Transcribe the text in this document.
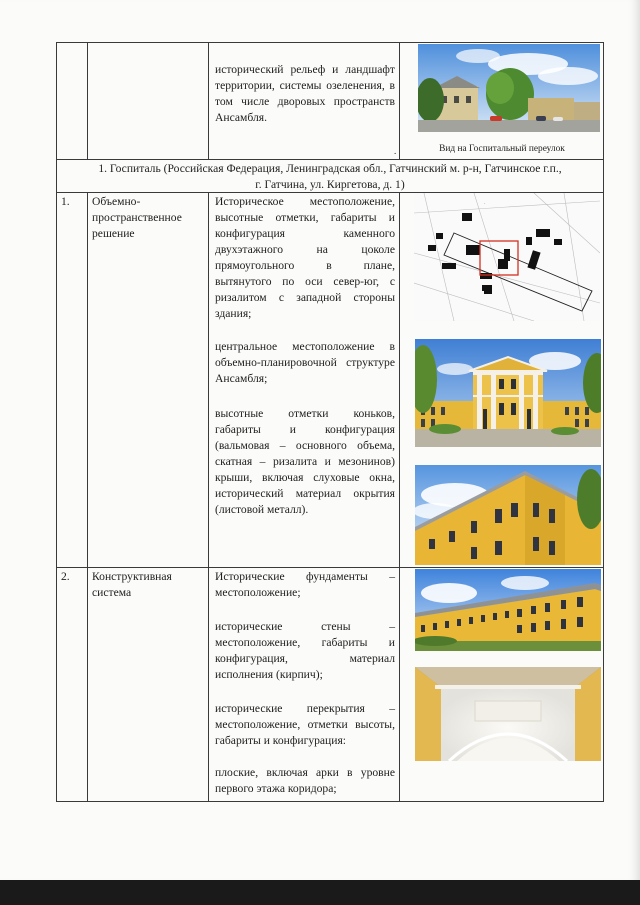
исторический рельеф и ландшафт территории, системы озеленения, в том числе дворовых пространств Ансамбля.
.	Вид на Госпитальный переулок
1. Госпиталь (Российская Федерация, Ленинградская обл., Гатчинский м. р-н, Гатчинское г.п.,
г. Гатчина, ул. Киргетова, д. 1)
1.	Объемно-пространственное решение
Историческое местоположение, высотные отметки, габариты и конфигурация каменного двухэтажного на цоколе прямоугольного в плане, вытянутого по оси север-юг, с ризалитом с западной стороны здания;
центральное местоположение в объемно-планировочной структуре Ансамбля;
высотные отметки коньков, габариты и конфигурация (вальмовая – основного объема, скатная – ризалита и мезонинов) крыши, включая слуховые окна, исторический материал окрытия (листовой металл).
·
2.	Конструктивная система
Исторические фундаменты – местоположение;
исторические стены – местоположение, габариты и конфигурация, материал исполнения (кирпич);
исторические перекрытия – местоположение, отметки высоты, габариты и конфигурация:
плоские, включая арки в уровне первого этажа коридора;
